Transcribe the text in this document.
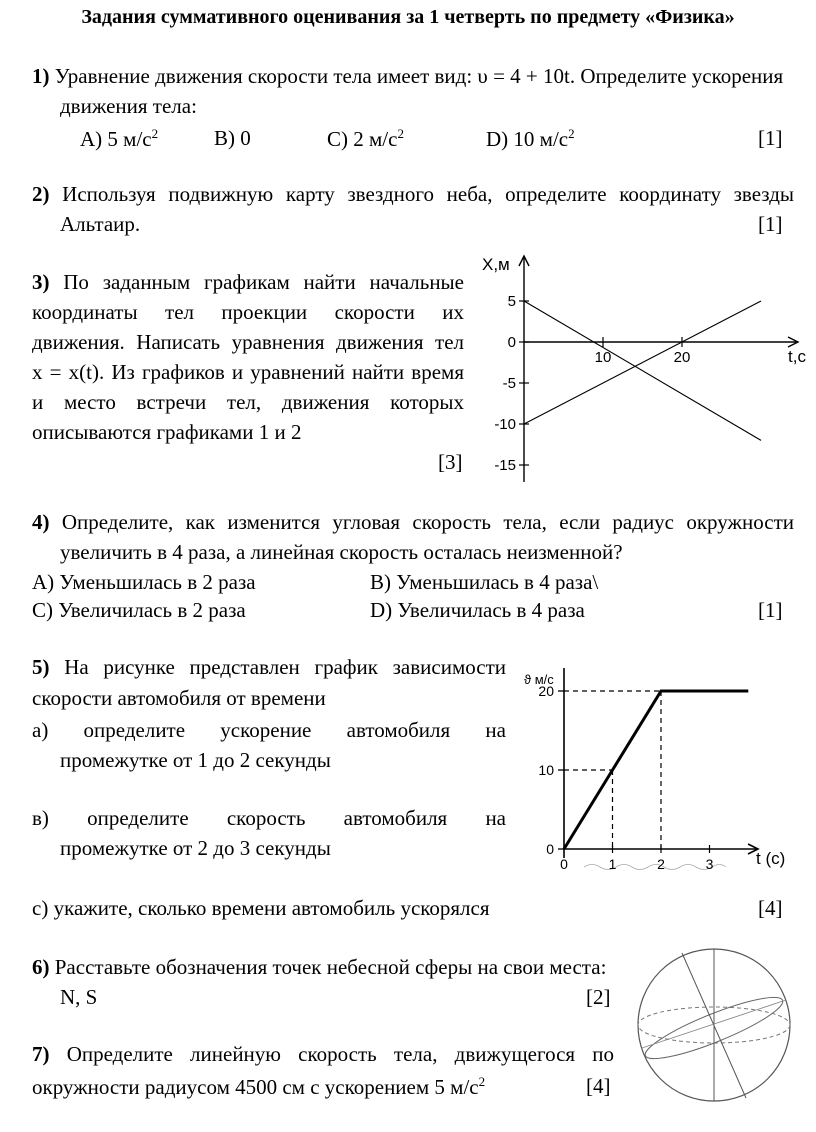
Задания суммативного оценивания за 1 четверть по предмету «Физика»
1) Уравнение движения скорости тела имеет вид: υ = 4 + 10t. Определите ускорения
движения тела:
А) 5 $м/с^2$	B) 0	C) 2 $м/с^2$	D) 10 $м/с^2$	[1]
2) Используя подвижную карту звездного неба, определите координату звезды
Альтаир.	[1]
3) По заданным графикам найти начальные
координаты тел проекции скорости их
движения. Написать уравнения движения тел
x = x(t). Из графиков и уравнений найти время
и место встречи тел, движения которых
описываются графиками 1 и 2
[3]
X,м
t,c
5
0
-5
-10
-15
10	20
4) Определите, как изменится угловая скорость тела, если радиус окружности
увеличить в 4 раза, а линейная скорость осталась неизменной?
А) Уменьшилась в 2 раза	B) Уменьшилась в 4 раза\
C) Увеличилась в 2 раза	D) Увеличилась в 4 раза	[1]
5) На рисунке представлен график зависимости
скорости автомобиля от времени
а) определите ускорение автомобиля на
промежутке от 1 до 2 секунды
в) определите скорость автомобиля на
промежутке от 2 до 3 секунды
с) укажите, сколько времени автомобиль ускорялся	[4]
ϑ м/с
t (c)
20
10
0
0	1	2	3
6) Расставьте обозначения точек небесной сферы на свои места:
N, S	[2]
7) Определите линейную скорость тела, движущегося по
окружности радиусом 4500 см с ускорением 5 $м/с^2$	[4]
